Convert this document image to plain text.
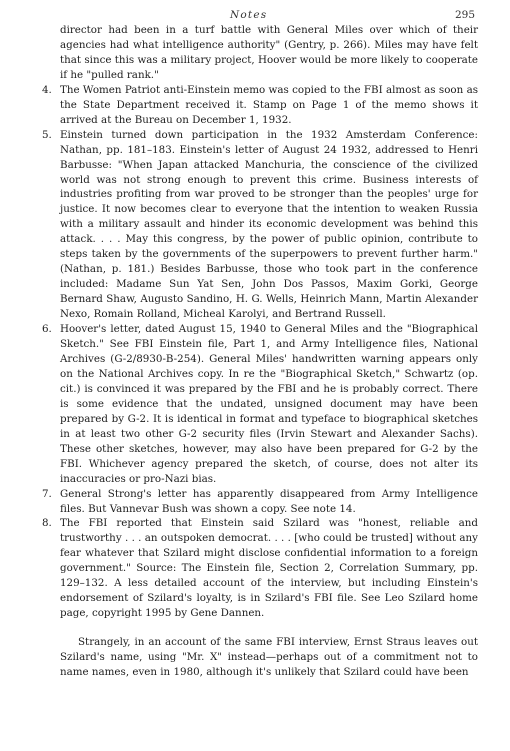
Notes	295

director had been in a turf battle with General Miles over which of their agencies had what intelligence authority" (Gentry, p. 266). Miles may have felt that since this was a military project, Hoover would be more likely to cooperate if he "pulled rank."

4. The Women Patriot anti-Einstein memo was copied to the FBI almost as soon as the State Department received it. Stamp on Page 1 of the memo shows it arrived at the Bureau on December 1, 1932.
5. Einstein turned down participation in the 1932 Amsterdam Conference: Nathan, pp. 181–183. Einstein's letter of August 24 1932, addressed to Henri Barbusse: "When Japan attacked Manchuria, the conscience of the civilized world was not strong enough to prevent this crime. Business interests of industries profiting from war proved to be stronger than the peoples' urge for justice. It now becomes clear to everyone that the intention to weaken Russia with a military assault and hinder its economic development was behind this attack. . . . May this congress, by the power of public opinion, contribute to steps taken by the governments of the superpowers to prevent further harm." (Nathan, p. 181.) Besides Barbusse, those who took part in the conference included: Madame Sun Yat Sen, John Dos Passos, Maxim Gorki, George Bernard Shaw, Augusto Sandino, H. G. Wells, Heinrich Mann, Martin Alexander Nexo, Romain Rolland, Micheal Karolyi, and Bertrand Russell.
6. Hoover's letter, dated August 15, 1940 to General Miles and the "Biographical Sketch." See FBI Einstein file, Part 1, and Army Intelligence files, National Archives (G-2/8930-B-254). General Miles' handwritten warning appears only on the National Archives copy. In re the "Biographical Sketch," Schwartz (op. cit.) is convinced it was prepared by the FBI and he is probably correct. There is some evidence that the undated, unsigned document may have been prepared by G-2. It is identical in format and typeface to biographical sketches in at least two other G-2 security files (Irvin Stewart and Alexander Sachs). These other sketches, however, may also have been prepared for G-2 by the FBI. Whichever agency prepared the sketch, of course, does not alter its inaccuracies or pro-Nazi bias.
7. General Strong's letter has apparently disappeared from Army Intelligence files. But Vannevar Bush was shown a copy. See note 14.
8. The FBI reported that Einstein said Szilard was "honest, reliable and trustworthy . . . an outspoken democrat. . . . [who could be trusted] without any fear whatever that Szilard might disclose confidential information to a foreign government." Source: The Einstein file, Section 2, Correlation Summary, pp. 129–132. A less detailed account of the interview, but including Einstein's endorsement of Szilard's loyalty, is in Szilard's FBI file. See Leo Szilard home page, copyright 1995 by Gene Dannen.

Strangely, in an account of the same FBI interview, Ernst Straus leaves out Szilard's name, using "Mr. X" instead—perhaps out of a commitment not to name names, even in 1980, although it's unlikely that Szilard could have been
